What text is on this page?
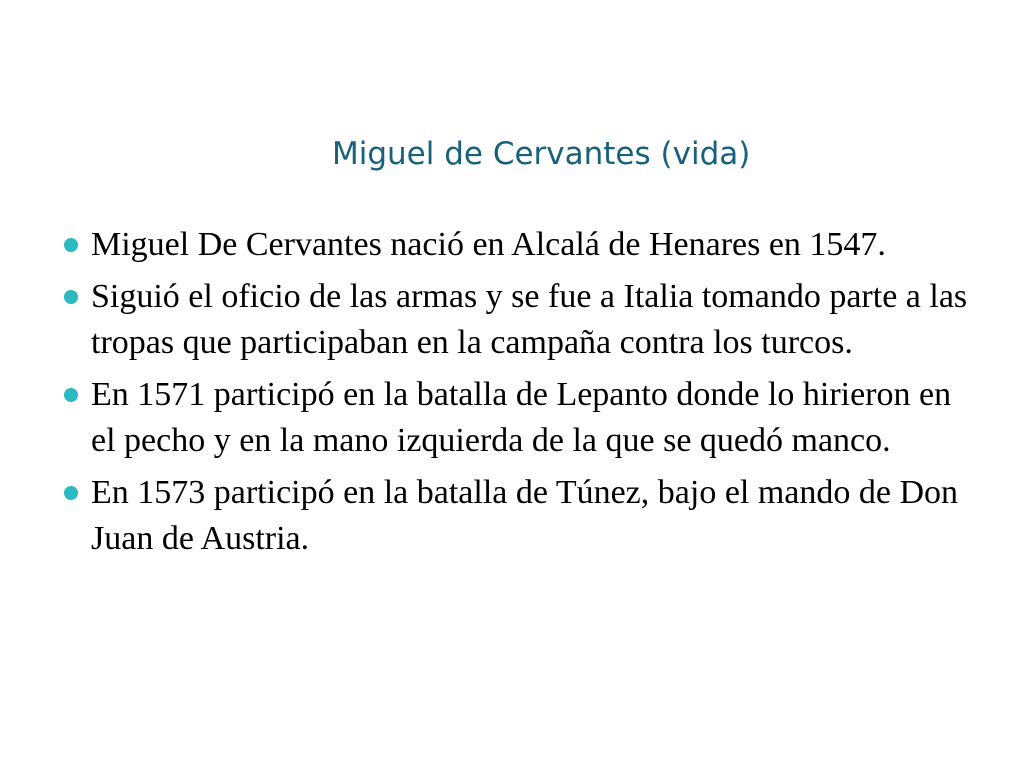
Miguel de Cervantes (vida)
Miguel De Cervantes nació en Alcalá de Henares en 1547.
Siguió el oficio de las armas y se fue a Italia tomando parte a las tropas que participaban en la campaña contra los turcos.
En 1571 participó en la batalla de Lepanto donde lo hirieron en el pecho y en la mano izquierda de la que se quedó manco.
En 1573 participó en la batalla de Túnez, bajo el mando de Don Juan de Austria.
